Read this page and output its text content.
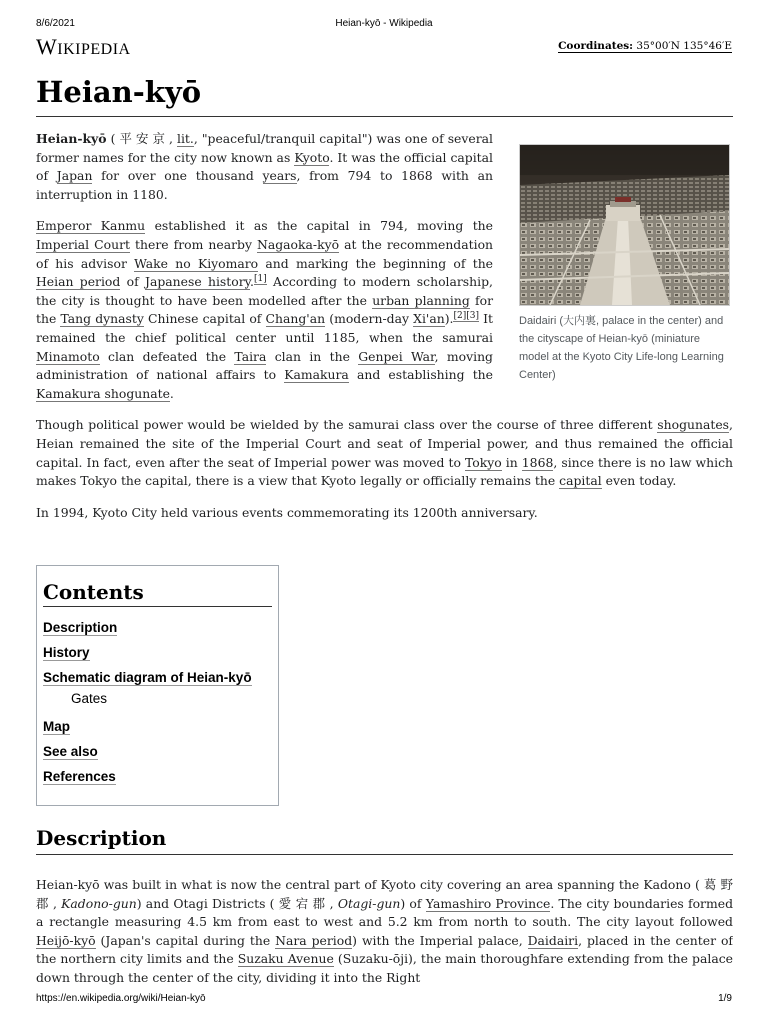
8/6/2021	Heian-kyō - Wikipedia
WIKIPEDIA	Coordinates: 35°00′N 135°46′E
Heian-kyō

Heian-kyō ( 平 安 京 , lit., "peaceful/tranquil capital") was one of several former names for the city now known as Kyoto. It was the official capital of Japan for over one thousand years, from 794 to 1868 with an interruption in 1180.

Emperor Kanmu established it as the capital in 794, moving the Imperial Court there from nearby Nagaoka-kyō at the recommendation of his advisor Wake no Kiyomaro and marking the beginning of the Heian period of Japanese history.[1] According to modern scholarship, the city is thought to have been modelled after the urban planning for the Tang dynasty Chinese capital of Chang'an (modern-day Xi'an).[2][3] It remained the chief political center until 1185, when the samurai Minamoto clan defeated the Taira clan in the Genpei War, moving administration of national affairs to Kamakura and establishing the Kamakura shogunate.

Though political power would be wielded by the samurai class over the course of three different shogunates, Heian remained the site of the Imperial Court and seat of Imperial power, and thus remained the official capital. In fact, even after the seat of Imperial power was moved to Tokyo in 1868, since there is no law which makes Tokyo the capital, there is a view that Kyoto legally or officially remains the capital even today.

In 1994, Kyoto City held various events commemorating its 1200th anniversary.

Daidairi (大内裏, palace in the center) and the cityscape of Heian-kyō (miniature model at the Kyoto City Life-long Learning Center)
Contents
Description
History
Schematic diagram of Heian-kyō
Gates
Map
See also
References
Description
Heian-kyō was built in what is now the central part of Kyoto city covering an area spanning the Kadono ( 葛 野 郡 , Kadono-gun) and Otagi Districts ( 愛 宕 郡 , Otagi-gun) of Yamashiro Province. The city boundaries formed a rectangle measuring 4.5 km from east to west and 5.2 km from north to south. The city layout followed Heijō-kyō (Japan's capital during the Nara period) with the Imperial palace, Daidairi, placed in the center of the northern city limits and the Suzaku Avenue (Suzaku-ōji), the main thoroughfare extending from the palace down through the center of the city, dividing it into the Right
https://en.wikipedia.org/wiki/Heian-kyō	1/9
